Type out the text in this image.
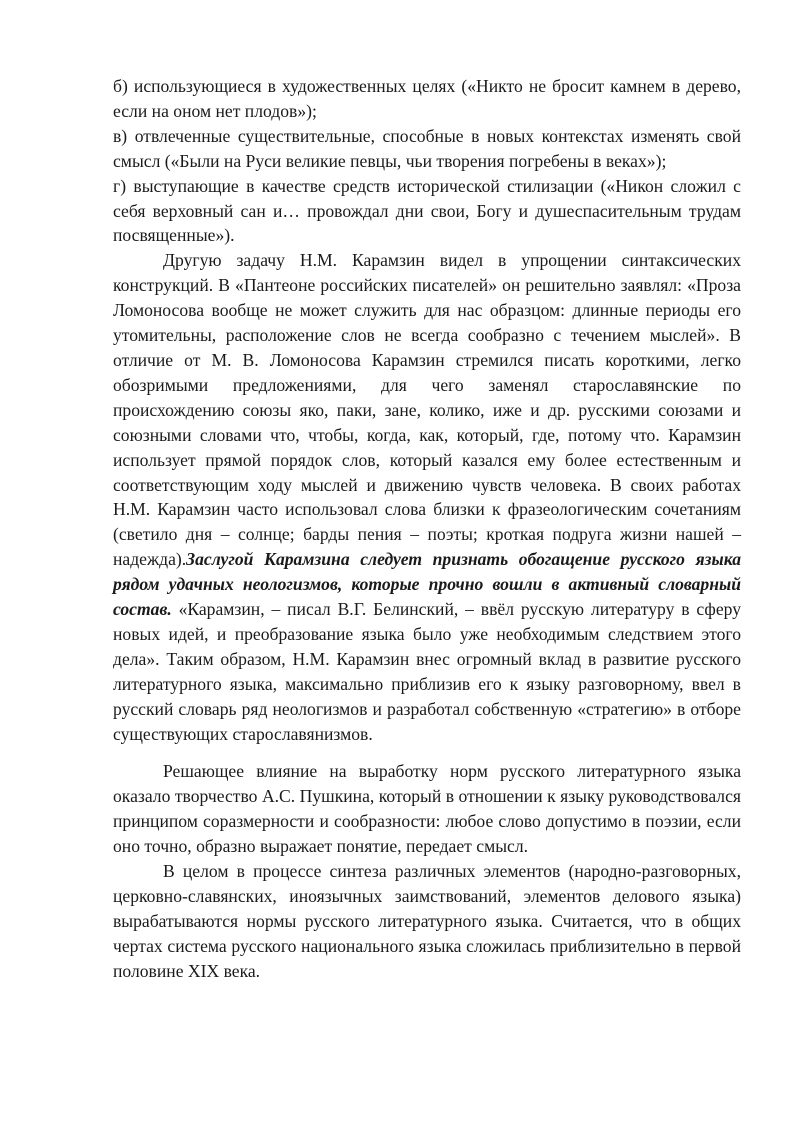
б) использующиеся в художественных целях («Никто не бросит камнем в дерево, если на оном нет плодов»);

в) отвлеченные существительные, способные в новых контекстах изменять свой смысл («Были на Руси великие певцы, чьи творения погребены в веках»);

г) выступающие в качестве средств исторической стилизации («Никон сложил с себя верховный сан и… провождал дни свои, Богу и душеспасительным трудам посвященные»).

Другую задачу Н.М. Карамзин видел в упрощении синтаксических конструкций. В «Пантеоне российских писателей» он решительно заявлял: «Проза Ломоносова вообще не может служить для нас образцом: длинные периоды его утомительны, расположение слов не всегда сообразно с течением мыслей». В отличие от М. В. Ломоносова Карамзин стремился писать короткими, легко обозримыми предложениями, для чего заменял старославянские по происхождению союзы яко, паки, зане, колико, иже и др. русскими союзами и союзными словами что, чтобы, когда, как, который, где, потому что. Карамзин использует прямой порядок слов, который казался ему более естественным и соответствующим ходу мыслей и движению чувств человека. В своих работах Н.М. Карамзин часто использовал слова близки к фразеологическим сочетаниям (светило дня – солнце; барды пения – поэты; кроткая подруга жизни нашей – надежда).Заслугой Карамзина следует признать обогащение русского языка рядом удачных неологизмов, которые прочно вошли в активный словарный состав. «Карамзин, – писал В.Г. Белинский, – ввёл русскую литературу в сферу новых идей, и преобразование языка было уже необходимым следствием этого дела». Таким образом, Н.М. Карамзин внес огромный вклад в развитие русского литературного языка, максимально приблизив его к языку разговорному, ввел в русский словарь ряд неологизмов и разработал собственную «стратегию» в отборе существующих старославянизмов.

Решающее влияние на выработку норм русского литературного языка оказало творчество А.С. Пушкина, который в отношении к языку руководствовался принципом соразмерности и сообразности: любое слово допустимо в поэзии, если оно точно, образно выражает понятие, передает смысл.

В целом в процессе синтеза различных элементов (народно-разговорных, церковно-славянских, иноязычных заимствований, элементов делового языка) вырабатываются нормы русского литературного языка. Считается, что в общих чертах система русского национального языка сложилась приблизительно в первой половине XIX века.
